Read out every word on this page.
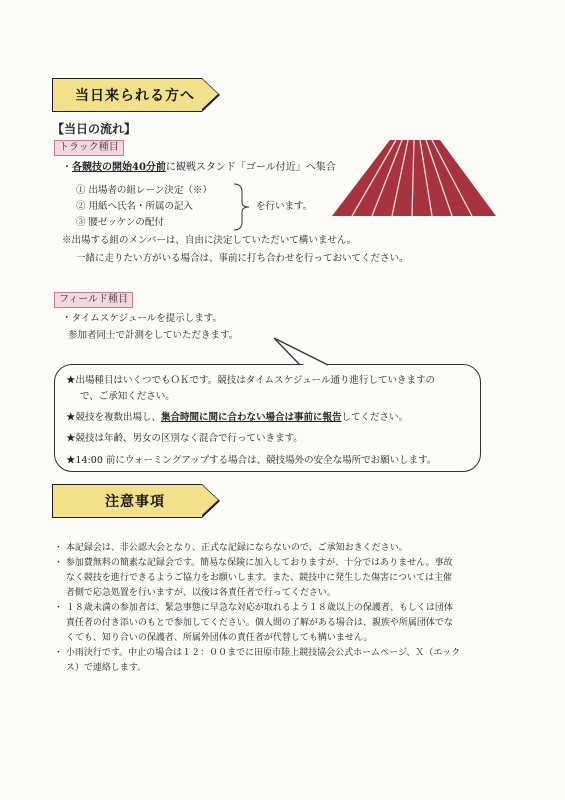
当日来られる方へ
【当日の流れ】
トラック種目
・各競技の開始40分前に観戦スタンド「ゴール付近」へ集合
① 出場者の組レーン決定（※）
② 用紙へ氏名・所属の記入
③ 腰ゼッケンの配付
を行います。
※出場する組のメンバーは、自由に決定していただいて構いません。
一緒に走りたい方がいる場合は、事前に打ち合わせを行っておいてください。
フィールド種目
・タイムスケジュールを提示します。
参加者同士で計測をしていただきます。
★出場種目はいくつでもＯＫです。競技はタイムスケジュール通り進行していきますの
で、ご承知ください。
★競技を複数出場し、集合時間に間に合わない場合は事前に報告してください。
★競技は年齢、男女の区別なく混合で行っていきます。
★14:00 前にウォーミングアップする場合は、競技場外の安全な場所でお願いします。
注意事項
・ 本記録会は、非公認大会となり、正式な記録にならないので、ご承知おきください。
・ 参加費無料の簡素な記録会です。簡易な保険に加入しておりますが、十分ではありません。事故
　 なく競技を進行できるようご協力をお願いします。また、競技中に発生した傷害については主催
　 者側で応急処置を行いますが、以後は各責任者で行ってください。
・ １８歳未満の参加者は、緊急事態に早急な対応が取れるよう１８歳以上の保護者、もしくは団体
　 責任者の付き添いのもとで参加してください。個人間の了解がある場合は、親族や所属団体でな
　 くても、知り合いの保護者、所属外団体の責任者が代替しても構いません。
・ 小雨決行です。中止の場合は１２：００までに田原市陸上競技協会公式ホームページ、Ｘ（エック
　 ス）で連絡します。
